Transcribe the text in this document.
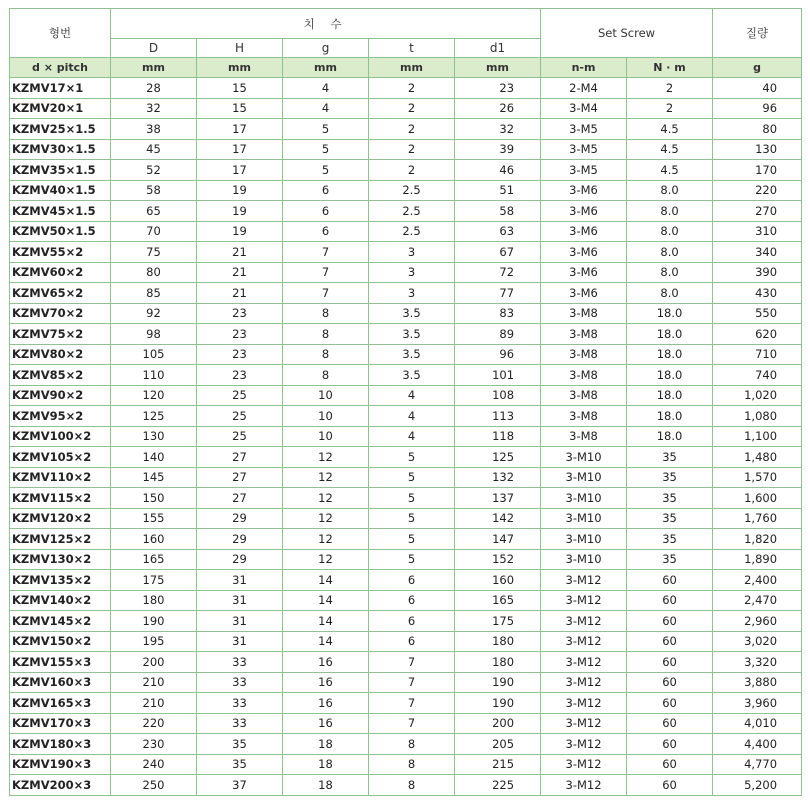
형번	치 수					Set Screw		질량
	D	H	g	t	d1			
d × pitch	mm	mm	mm	mm	mm	n-m	N · m	g
KZMV17×1	28	15	4	2	23	2-M4	2	40
KZMV20×1	32	15	4	2	26	3-M4	2	96
KZMV25×1.5	38	17	5	2	32	3-M5	4.5	80
KZMV30×1.5	45	17	5	2	39	3-M5	4.5	130
KZMV35×1.5	52	17	5	2	46	3-M5	4.5	170
KZMV40×1.5	58	19	6	2.5	51	3-M6	8.0	220
KZMV45×1.5	65	19	6	2.5	58	3-M6	8.0	270
KZMV50×1.5	70	19	6	2.5	63	3-M6	8.0	310
KZMV55×2	75	21	7	3	67	3-M6	8.0	340
KZMV60×2	80	21	7	3	72	3-M6	8.0	390
KZMV65×2	85	21	7	3	77	3-M6	8.0	430
KZMV70×2	92	23	8	3.5	83	3-M8	18.0	550
KZMV75×2	98	23	8	3.5	89	3-M8	18.0	620
KZMV80×2	105	23	8	3.5	96	3-M8	18.0	710
KZMV85×2	110	23	8	3.5	101	3-M8	18.0	740
KZMV90×2	120	25	10	4	108	3-M8	18.0	1,020
KZMV95×2	125	25	10	4	113	3-M8	18.0	1,080
KZMV100×2	130	25	10	4	118	3-M8	18.0	1,100
KZMV105×2	140	27	12	5	125	3-M10	35	1,480
KZMV110×2	145	27	12	5	132	3-M10	35	1,570
KZMV115×2	150	27	12	5	137	3-M10	35	1,600
KZMV120×2	155	29	12	5	142	3-M10	35	1,760
KZMV125×2	160	29	12	5	147	3-M10	35	1,820
KZMV130×2	165	29	12	5	152	3-M10	35	1,890
KZMV135×2	175	31	14	6	160	3-M12	60	2,400
KZMV140×2	180	31	14	6	165	3-M12	60	2,470
KZMV145×2	190	31	14	6	175	3-M12	60	2,960
KZMV150×2	195	31	14	6	180	3-M12	60	3,020
KZMV155×3	200	33	16	7	180	3-M12	60	3,320
KZMV160×3	210	33	16	7	190	3-M12	60	3,880
KZMV165×3	210	33	16	7	190	3-M12	60	3,960
KZMV170×3	220	33	16	7	200	3-M12	60	4,010
KZMV180×3	230	35	18	8	205	3-M12	60	4,400
KZMV190×3	240	35	18	8	215	3-M12	60	4,770
KZMV200×3	250	37	18	8	225	3-M12	60	5,200
